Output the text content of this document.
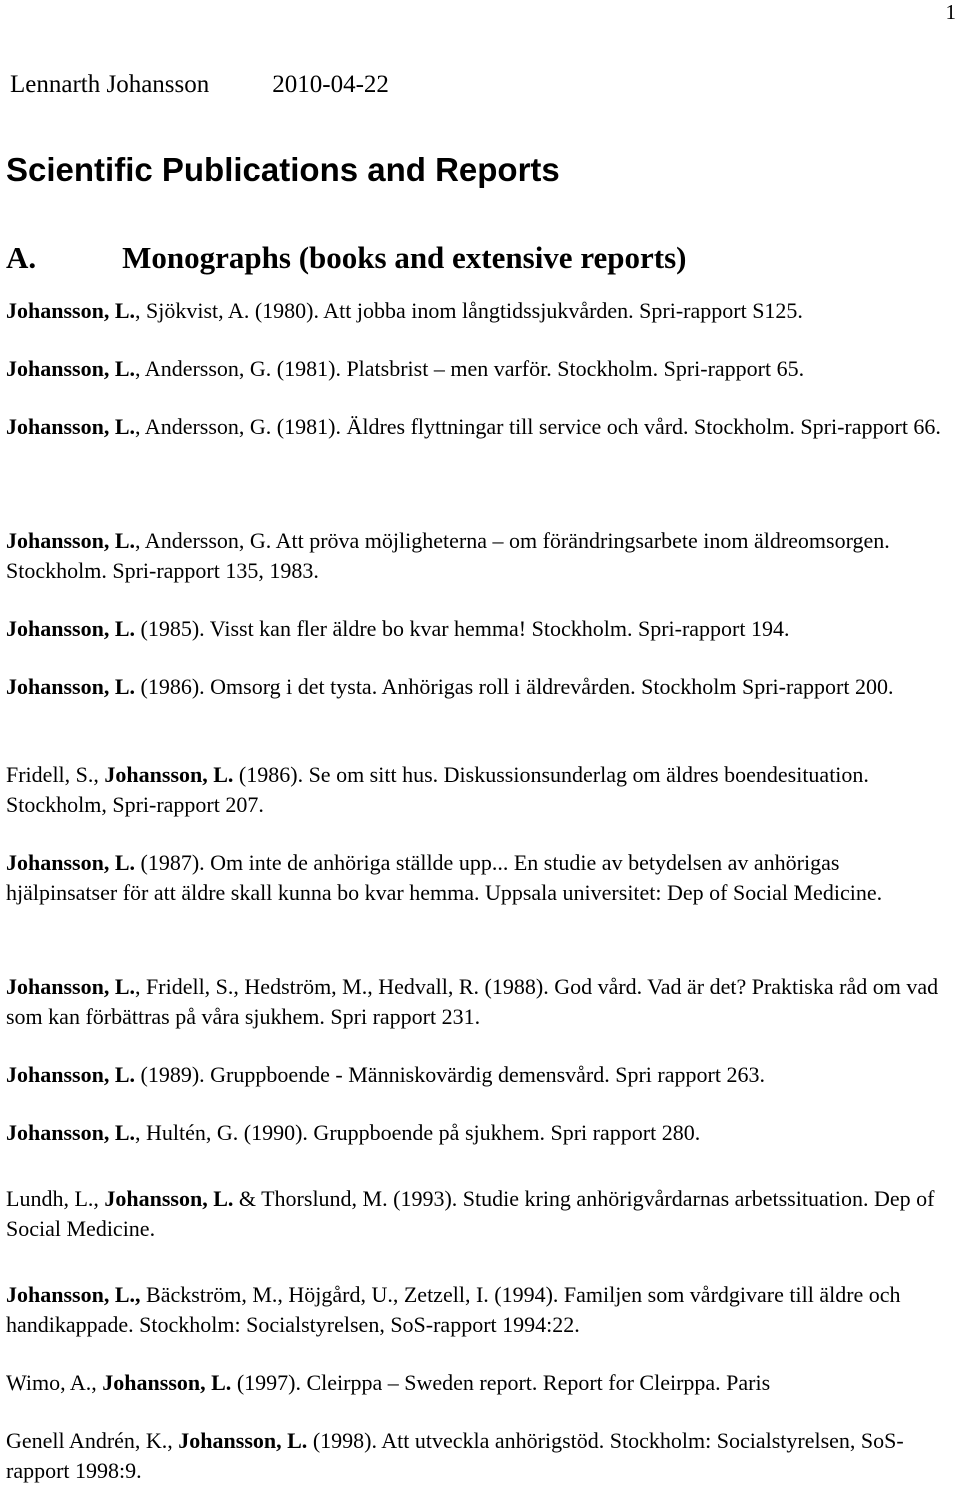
1
Lennarth Johansson	2010-04-22
Scientific Publications and Reports
A.	Monographs (books and extensive reports)

Johansson, L., Sjökvist, A. (1980). Att jobba inom långtidssjukvården. Spri-rapport S125.

Johansson, L., Andersson, G. (1981). Platsbrist – men varför. Stockholm. Spri-rapport 65.

Johansson, L., Andersson, G. (1981). Äldres flyttningar till service och vård. Stockholm. Spri-rapport 66.

Johansson, L., Andersson, G. Att pröva möjligheterna – om förändringsarbete inom äldreomsorgen. Stockholm. Spri-rapport 135, 1983.

Johansson, L. (1985). Visst kan fler äldre bo kvar hemma! Stockholm. Spri-rapport 194.

Johansson, L. (1986). Omsorg i det tysta. Anhörigas roll i äldrevården. Stockholm Spri-rapport 200.

Fridell, S., Johansson, L. (1986). Se om sitt hus. Diskussionsunderlag om äldres boendesituation. Stockholm, Spri-rapport 207.

Johansson, L. (1987). Om inte de anhöriga ställde upp... En studie av betydelsen av anhörigas hjälpinsatser för att äldre skall kunna bo kvar hemma. Uppsala universitet: Dep of Social Medicine.

Johansson, L., Fridell, S., Hedström, M., Hedvall, R. (1988). God vård. Vad är det? Praktiska råd om vad som kan förbättras på våra sjukhem. Spri rapport 231.

Johansson, L. (1989). Gruppboende - Människovärdig demensvård. Spri rapport 263.

Johansson, L., Hultén, G. (1990). Gruppboende på sjukhem. Spri rapport 280.

Lundh, L., Johansson, L. & Thorslund, M. (1993). Studie kring anhörigvårdarnas arbetssituation. Dep of Social Medicine.

Johansson, L., Bäckström, M., Höjgård, U., Zetzell, I. (1994). Familjen som vårdgivare till äldre och handikappade. Stockholm: Socialstyrelsen, SoS-rapport 1994:22.

Wimo, A., Johansson, L. (1997). Cleirppa – Sweden report. Report for Cleirppa. Paris

Genell Andrén, K., Johansson, L. (1998). Att utveckla anhörigstöd. Stockholm: Socialstyrelsen, SoS-rapport 1998:9.
